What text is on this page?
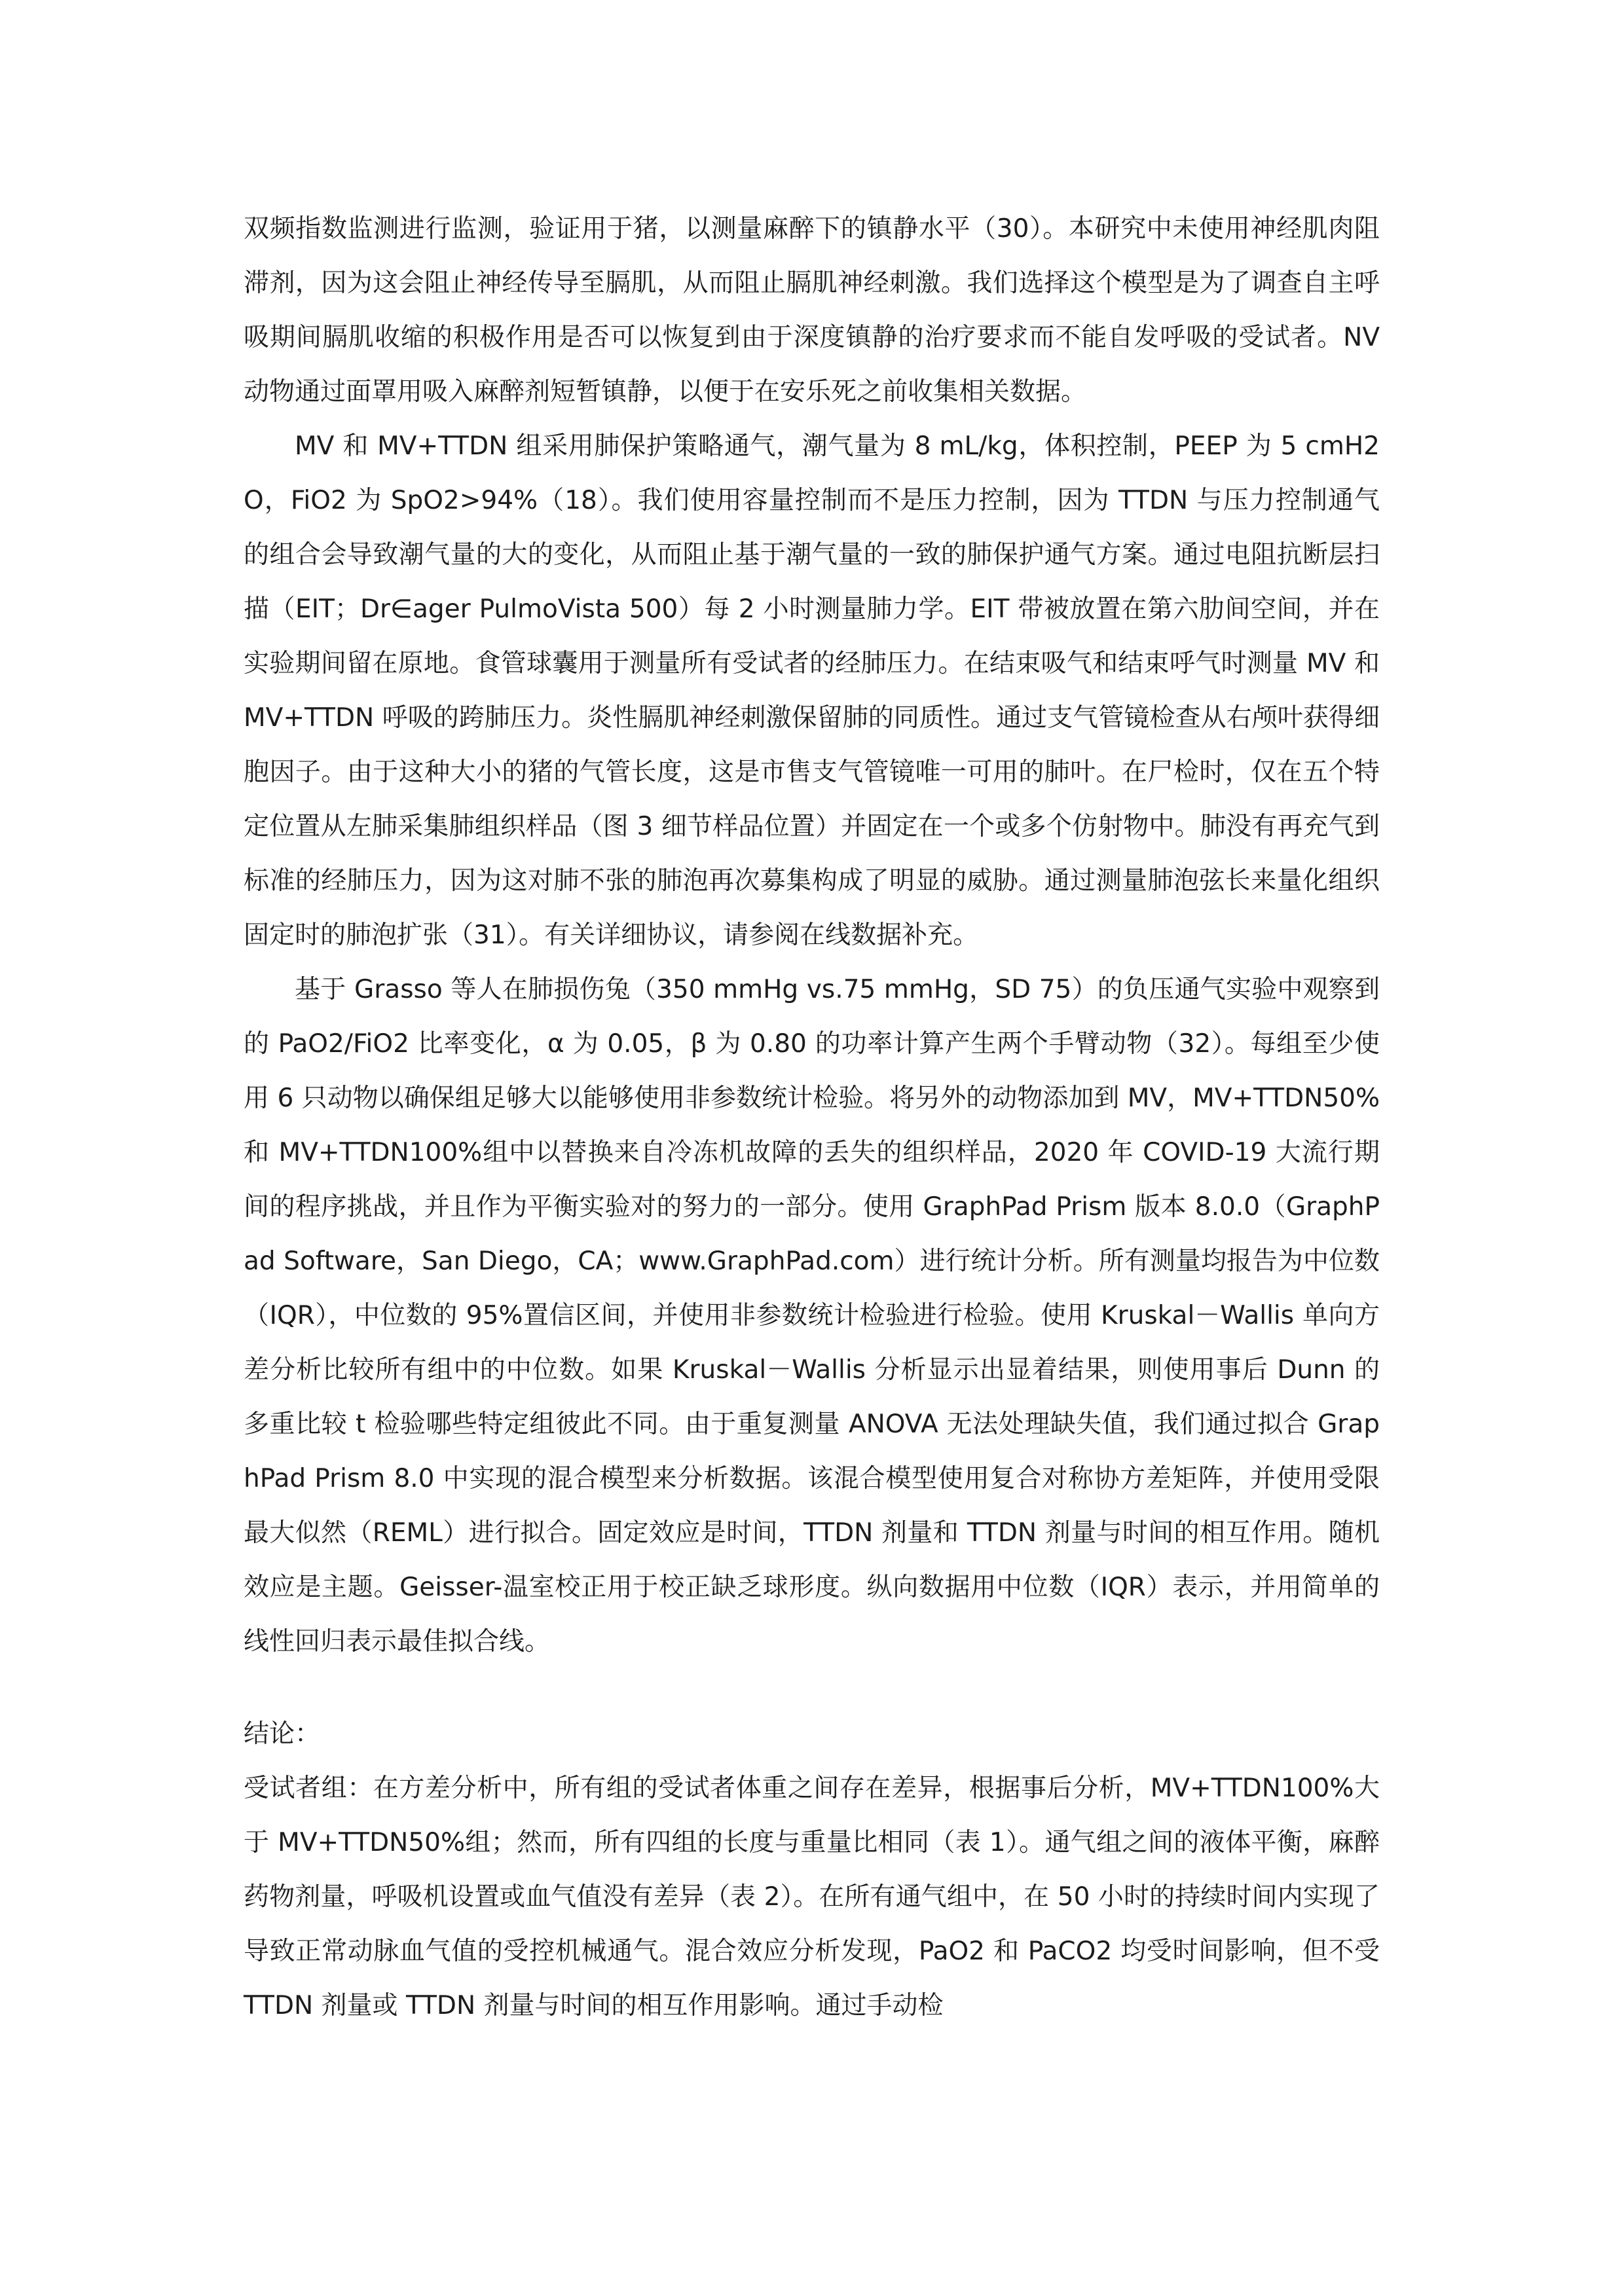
双频指数监测进行监测，验证用于猪，以测量麻醉下的镇静水平（30）。本研究中未使用神经肌肉阻滞剂，因为这会阻止神经传导至膈肌，从而阻止膈肌神经刺激。我们选择这个模型是为了调查自主呼吸期间膈肌收缩的积极作用是否可以恢复到由于深度镇静的治疗要求而不能自发呼吸的受试者。NV 动物通过面罩用吸入麻醉剂短暂镇静，以便于在安乐死之前收集相关数据。

MV 和 MV+TTDN 组采用肺保护策略通气，潮气量为 8 mL/kg，体积控制，PEEP 为 5 cmH2O，FiO2 为 SpO2>94%（18）。我们使用容量控制而不是压力控制，因为 TTDN 与压力控制通气的组合会导致潮气量的大的变化，从而阻止基于潮气量的一致的肺保护通气方案。通过电阻抗断层扫描（EIT；Dr∈ager PulmoVista 500）每 2 小时测量肺力学。EIT 带被放置在第六肋间空间，并在实验期间留在原地。食管球囊用于测量所有受试者的经肺压力。在结束吸气和结束呼气时测量 MV 和 MV+TTDN 呼吸的跨肺压力。炎性膈肌神经刺激保留肺的同质性。通过支气管镜检查从右颅叶获得细胞因子。由于这种大小的猪的气管长度，这是市售支气管镜唯一可用的肺叶。在尸检时，仅在五个特定位置从左肺采集肺组织样品（图 3 细节样品位置）并固定在一个或多个仿射物中。肺没有再充气到标准的经肺压力，因为这对肺不张的肺泡再次募集构成了明显的威胁。通过测量肺泡弦长来量化组织固定时的肺泡扩张（31）。有关详细协议，请参阅在线数据补充。

基于 Grasso 等人在肺损伤兔（350 mmHg vs.75 mmHg，SD 75）的负压通气实验中观察到的 PaO2/FiO2 比率变化，α 为 0.05，β 为 0.80 的功率计算产生两个手臂动物（32）。每组至少使用 6 只动物以确保组足够大以能够使用非参数统计检验。将另外的动物添加到 MV，MV+TTDN50%和 MV+TTDN100%组中以替换来自冷冻机故障的丢失的组织样品，2020 年 COVID-19 大流行期间的程序挑战，并且作为平衡实验对的努力的一部分。使用 GraphPad Prism 版本 8.0.0（GraphPad Software，San Diego，CA；www.GraphPad.com）进行统计分析。所有测量均报告为中位数（IQR），中位数的 95%置信区间，并使用非参数统计检验进行检验。使用 Kruskal－Wallis 单向方差分析比较所有组中的中位数。如果 Kruskal－Wallis 分析显示出显着结果，则使用事后 Dunn 的多重比较 t 检验哪些特定组彼此不同。由于重复测量 ANOVA 无法处理缺失值，我们通过拟合 GraphPad Prism 8.0 中实现的混合模型来分析数据。该混合模型使用复合对称协方差矩阵，并使用受限最大似然（REML）进行拟合。固定效应是时间，TTDN 剂量和 TTDN 剂量与时间的相互作用。随机效应是主题。Geisser-温室校正用于校正缺乏球形度。纵向数据用中位数（IQR）表示，并用简单的线性回归表示最佳拟合线。

结论：

受试者组：在方差分析中，所有组的受试者体重之间存在差异，根据事后分析，MV+TTDN100%大于 MV+TTDN50%组；然而，所有四组的长度与重量比相同（表 1）。通气组之间的液体平衡，麻醉药物剂量，呼吸机设置或血气值没有差异（表 2）。在所有通气组中，在 50 小时的持续时间内实现了导致正常动脉血气值的受控机械通气。混合效应分析发现，PaO2 和 PaCO2 均受时间影响，但不受 TTDN 剂量或 TTDN 剂量与时间的相互作用影响。通过手动检
